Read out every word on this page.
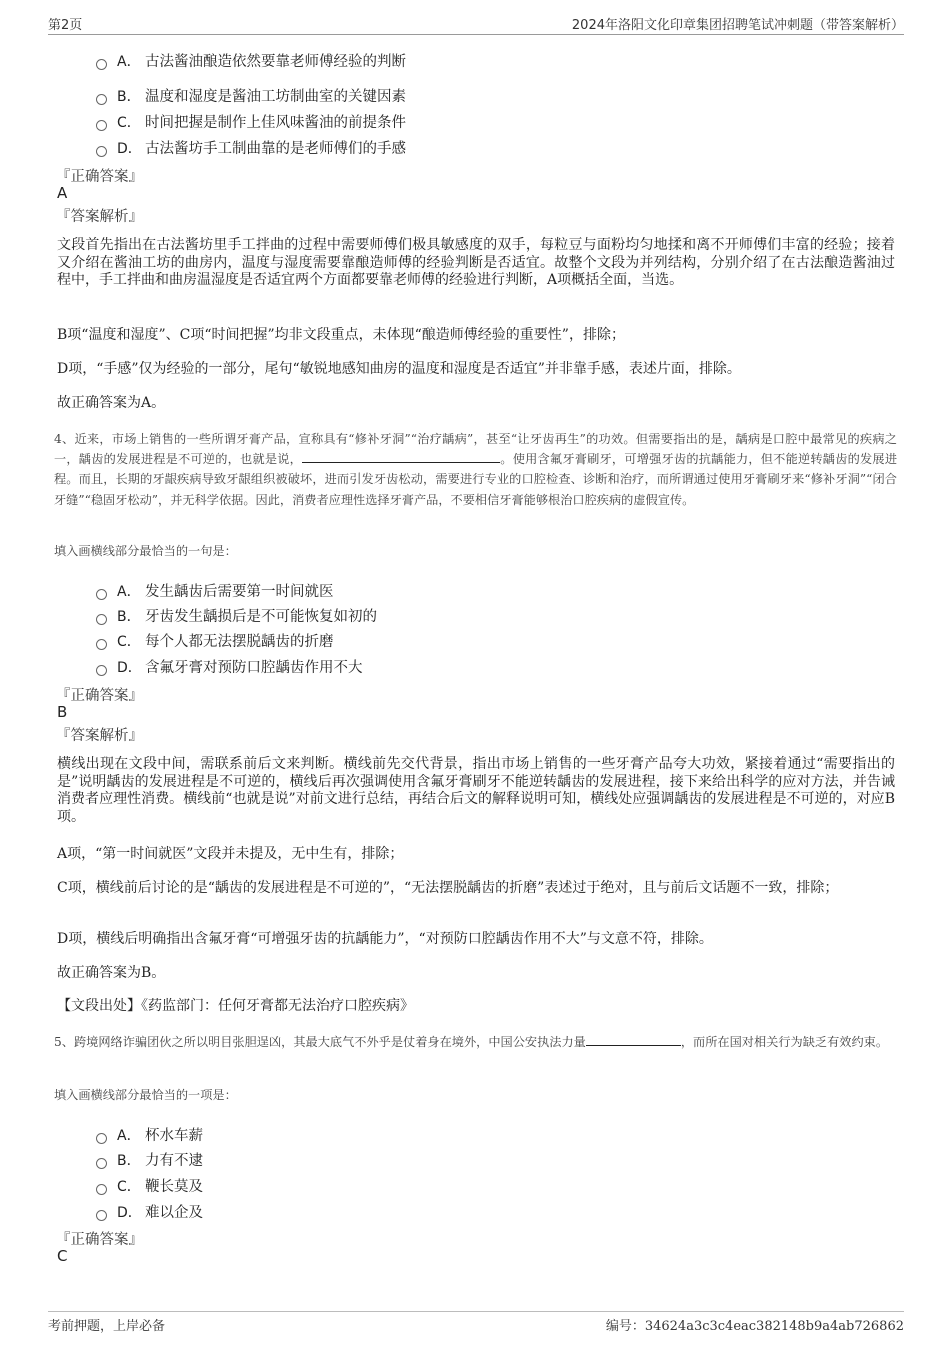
第2页	2024年洛阳文化印章集团招聘笔试冲刺题（带答案解析）
A． 古法酱油酿造依然要靠老师傅经验的判断
B． 温度和湿度是酱油工坊制曲室的关键因素
C． 时间把握是制作上佳风味酱油的前提条件
D． 古法酱坊手工制曲靠的是老师傅们的手感
『正确答案』
A
『答案解析』
文段首先指出在古法酱坊里手工拌曲的过程中需要师傅们极具敏感度的双手，每粒豆与面粉均匀地揉和离不开师傅们丰富的经验；接着又介绍在酱油工坊的曲房内，温度与湿度需要靠酿造师傅的经验判断是否适宜。故整个文段为并列结构，分别介绍了在古法酿造酱油过程中，手工拌曲和曲房温湿度是否适宜两个方面都要靠老师傅的经验进行判断，A项概括全面，当选。
B项“温度和湿度”、C项“时间把握”均非文段重点，未体现“酿造师傅经验的重要性”，排除；
D项，“手感”仅为经验的一部分，尾句“敏锐地感知曲房的温度和湿度是否适宜”并非靠手感，表述片面，排除。
故正确答案为A。
4、近来，市场上销售的一些所谓牙膏产品，宣称具有“修补牙洞”“治疗龋病”，甚至“让牙齿再生”的功效。但需要指出的是，龋病是口腔中最常见的疾病之一，龋齿的发展进程是不可逆的，也就是说，	。使用含氟牙膏刷牙，可增强牙齿的抗龋能力，但不能逆转龋齿的发展进程。而且，长期的牙龈疾病导致牙龈组织被破坏，进而引发牙齿松动，需要进行专业的口腔检查、诊断和治疗，而所谓通过使用牙膏刷牙来“修补牙洞”“闭合牙缝”“稳固牙松动”，并无科学依据。因此，消费者应理性选择牙膏产品，不要相信牙膏能够根治口腔疾病的虚假宣传。
填入画横线部分最恰当的一句是：
A． 发生龋齿后需要第一时间就医
B． 牙齿发生龋损后是不可能恢复如初的
C． 每个人都无法摆脱龋齿的折磨
D． 含氟牙膏对预防口腔龋齿作用不大
『正确答案』
B
『答案解析』
横线出现在文段中间，需联系前后文来判断。横线前先交代背景，指出市场上销售的一些牙膏产品夸大功效，紧接着通过“需要指出的是”说明龋齿的发展进程是不可逆的，横线后再次强调使用含氟牙膏刷牙不能逆转龋齿的发展进程，接下来给出科学的应对方法，并告诫消费者应理性消费。横线前“也就是说”对前文进行总结，再结合后文的解释说明可知，横线处应强调龋齿的发展进程是不可逆的，对应B项。
A项，“第一时间就医”文段并未提及，无中生有，排除；
C项，横线前后讨论的是“龋齿的发展进程是不可逆的”，“无法摆脱龋齿的折磨”表述过于绝对，且与前后文话题不一致，排除；
D项，横线后明确指出含氟牙膏“可增强牙齿的抗龋能力”，“对预防口腔龋齿作用不大”与文意不符，排除。
故正确答案为B。
【文段出处】《药监部门：任何牙膏都无法治疗口腔疾病》
5、跨境网络诈骗团伙之所以明目张胆逞凶，其最大底气不外乎是仗着身在境外，中国公安执法力量	，而所在国对相关行为缺乏有效约束。
填入画横线部分最恰当的一项是：
A． 杯水车薪
B． 力有不逮
C． 鞭长莫及
D． 难以企及
『正确答案』
C
考前押题，上岸必备	编号：34624a3c3c4eac382148b9a4ab726862
